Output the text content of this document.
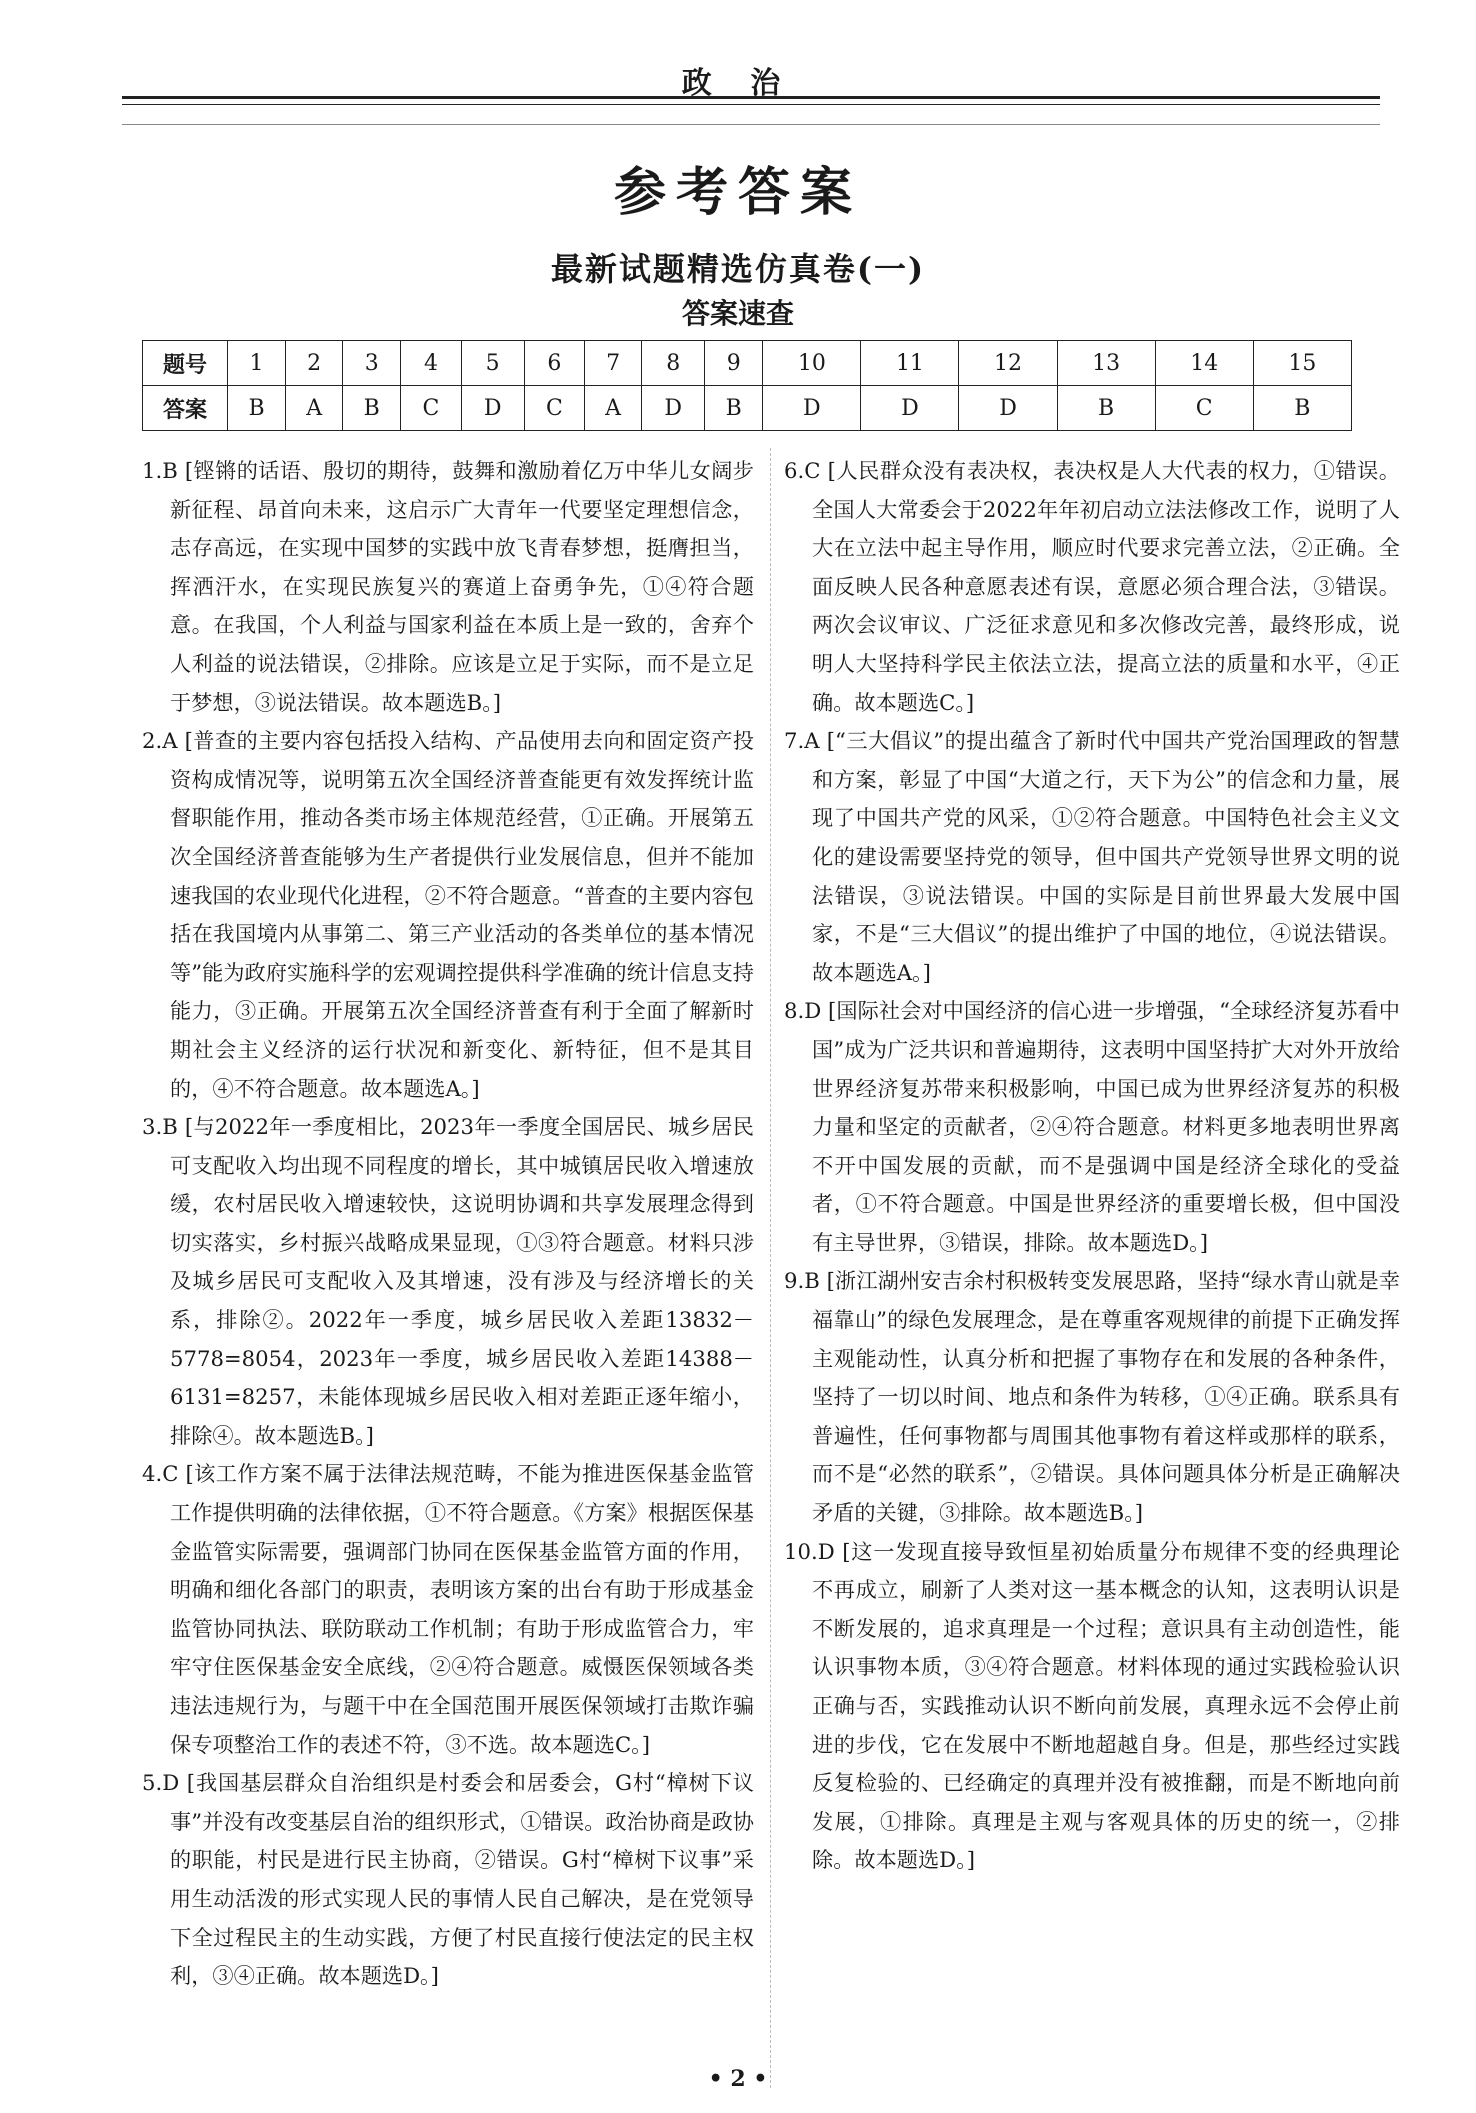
政 治
参考答案
最新试题精选仿真卷(一)
答案速查
题号	1	2	3	4	5	6	7	8	9	10	11	12	13	14	15
答案	B	A	B	C	D	C	A	D	B	D	D	D	B	C	B

1.B [铿锵的话语、殷切的期待，鼓舞和激励着亿万中华儿女阔步新征程、昂首向未来，这启示广大青年一代要坚定理想信念，志存高远，在实现中国梦的实践中放飞青春梦想，挺膺担当，挥洒汗水，在实现民族复兴的赛道上奋勇争先，①④符合题意。在我国，个人利益与国家利益在本质上是一致的，舍弃个人利益的说法错误，②排除。应该是立足于实际，而不是立足于梦想，③说法错误。故本题选B。]

2.A [普查的主要内容包括投入结构、产品使用去向和固定资产投资构成情况等，说明第五次全国经济普查能更有效发挥统计监督职能作用，推动各类市场主体规范经营，①正确。开展第五次全国经济普查能够为生产者提供行业发展信息，但并不能加速我国的农业现代化进程，②不符合题意。“普查的主要内容包括在我国境内从事第二、第三产业活动的各类单位的基本情况等”能为政府实施科学的宏观调控提供科学准确的统计信息支持能力，③正确。开展第五次全国经济普查有利于全面了解新时期社会主义经济的运行状况和新变化、新特征，但不是其目的，④不符合题意。故本题选A。]

3.B [与2022年一季度相比，2023年一季度全国居民、城乡居民可支配收入均出现不同程度的增长，其中城镇居民收入增速放缓，农村居民收入增速较快，这说明协调和共享发展理念得到切实落实，乡村振兴战略成果显现，①③符合题意。材料只涉及城乡居民可支配收入及其增速，没有涉及与经济增长的关系，排除②。2022年一季度，城乡居民收入差距13832－5778=8054，2023年一季度，城乡居民收入差距14388－6131=8257，未能体现城乡居民收入相对差距正逐年缩小，排除④。故本题选B。]

4.C [该工作方案不属于法律法规范畴，不能为推进医保基金监管工作提供明确的法律依据，①不符合题意。《方案》根据医保基金监管实际需要，强调部门协同在医保基金监管方面的作用，明确和细化各部门的职责，表明该方案的出台有助于形成基金监管协同执法、联防联动工作机制；有助于形成监管合力，牢牢守住医保基金安全底线，②④符合题意。威慑医保领域各类违法违规行为，与题干中在全国范围开展医保领域打击欺诈骗保专项整治工作的表述不符，③不选。故本题选C。]

5.D [我国基层群众自治组织是村委会和居委会，G村“樟树下议事”并没有改变基层自治的组织形式，①错误。政治协商是政协的职能，村民是进行民主协商，②错误。G村“樟树下议事”采用生动活泼的形式实现人民的事情人民自己解决，是在党领导下全过程民主的生动实践，方便了村民直接行使法定的民主权利，③④正确。故本题选D。]

6.C [人民群众没有表决权，表决权是人大代表的权力，①错误。全国人大常委会于2022年年初启动立法法修改工作，说明了人大在立法中起主导作用，顺应时代要求完善立法，②正确。全面反映人民各种意愿表述有误，意愿必须合理合法，③错误。两次会议审议、广泛征求意见和多次修改完善，最终形成，说明人大坚持科学民主依法立法，提高立法的质量和水平，④正确。故本题选C。]

7.A [“三大倡议”的提出蕴含了新时代中国共产党治国理政的智慧和方案，彰显了中国“大道之行，天下为公”的信念和力量，展现了中国共产党的风采，①②符合题意。中国特色社会主义文化的建设需要坚持党的领导，但中国共产党领导世界文明的说法错误，③说法错误。中国的实际是目前世界最大发展中国家，不是“三大倡议”的提出维护了中国的地位，④说法错误。故本题选A。]

8.D [国际社会对中国经济的信心进一步增强，“全球经济复苏看中国”成为广泛共识和普遍期待，这表明中国坚持扩大对外开放给世界经济复苏带来积极影响，中国已成为世界经济复苏的积极力量和坚定的贡献者，②④符合题意。材料更多地表明世界离不开中国发展的贡献，而不是强调中国是经济全球化的受益者，①不符合题意。中国是世界经济的重要增长极，但中国没有主导世界，③错误，排除。故本题选D。]

9.B [浙江湖州安吉余村积极转变发展思路，坚持“绿水青山就是幸福靠山”的绿色发展理念，是在尊重客观规律的前提下正确发挥主观能动性，认真分析和把握了事物存在和发展的各种条件，坚持了一切以时间、地点和条件为转移，①④正确。联系具有普遍性，任何事物都与周围其他事物有着这样或那样的联系，而不是“必然的联系”，②错误。具体问题具体分析是正确解决矛盾的关键，③排除。故本题选B。]

10.D [这一发现直接导致恒星初始质量分布规律不变的经典理论不再成立，刷新了人类对这一基本概念的认知，这表明认识是不断发展的，追求真理是一个过程；意识具有主动创造性，能认识事物本质，③④符合题意。材料体现的通过实践检验认识正确与否，实践推动认识不断向前发展，真理永远不会停止前进的步伐，它在发展中不断地超越自身。但是，那些经过实践反复检验的、已经确定的真理并没有被推翻，而是不断地向前发展，①排除。真理是主观与客观具体的历史的统一，②排除。故本题选D。]

• 2 •
